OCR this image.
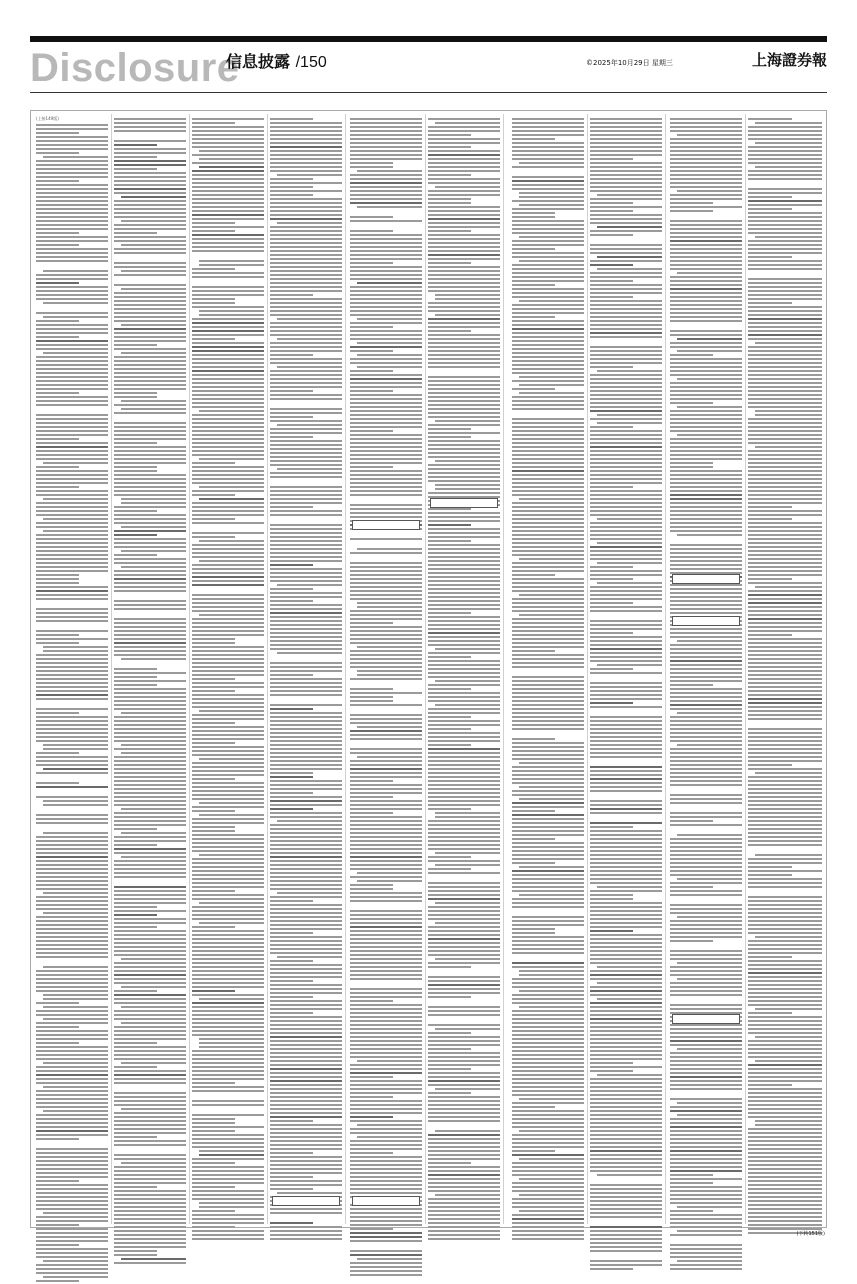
Disclosure
信息披露 /150	©2025年10月29日 星期三	上海證券報
(上接149版)
(下转151版)
